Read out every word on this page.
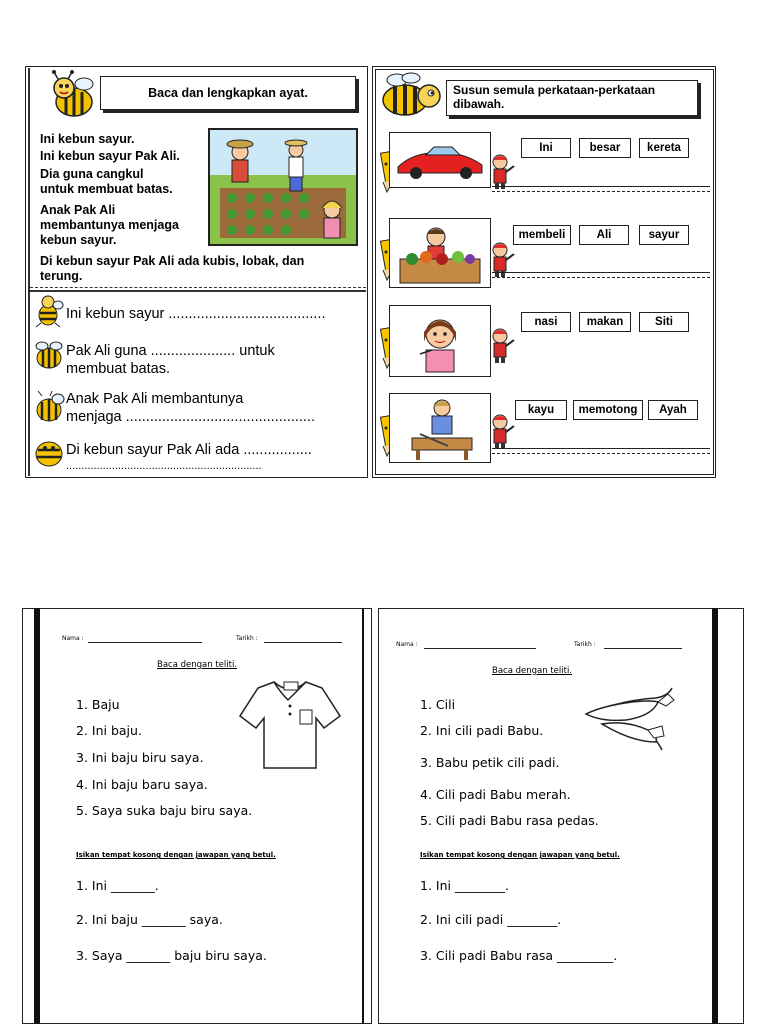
Baca dan lengkapkan ayat.
Ini kebun sayur.
Ini kebun sayur Pak Ali.
Dia guna cangkul
untuk membuat batas.
Anak Pak Ali
membantunya menjaga
kebun sayur.
Di kebun sayur Pak Ali ada kubis, lobak, dan
terung.
Ini kebun sayur .......................................
Pak Ali guna ..................... untuk
membuat batas.
Anak Pak Ali membantunya
menjaga ...............................................
Di kebun sayur Pak Ali ada .................
................................................................
Susun semula perkataan-perkataan
dibawah.
Ini	besar	kereta
membeli	Ali	sayur
nasi	makan	Siti
kayu	memotong	Ayah
Nama :	Tarikh :
Baca dengan teliti.
1. Baju
2. Ini baju.
3. Ini baju biru saya.
4. Ini baju baru saya.
5. Saya suka baju biru saya.
Isikan tempat kosong dengan jawapan yang betul.
1. Ini _______.
2. Ini baju _______ saya.
3. Saya _______ baju biru saya.
Nama :	Tarikh :
Baca dengan teliti.
1. Cili
2. Ini cili padi Babu.
3. Babu petik cili padi.
4. Cili padi Babu merah.
5. Cili padi Babu rasa pedas.
Isikan tempat kosong dengan jawapan yang betul.
1. Ini ________.
2. Ini cili padi ________.
3. Cili padi Babu rasa _________.
